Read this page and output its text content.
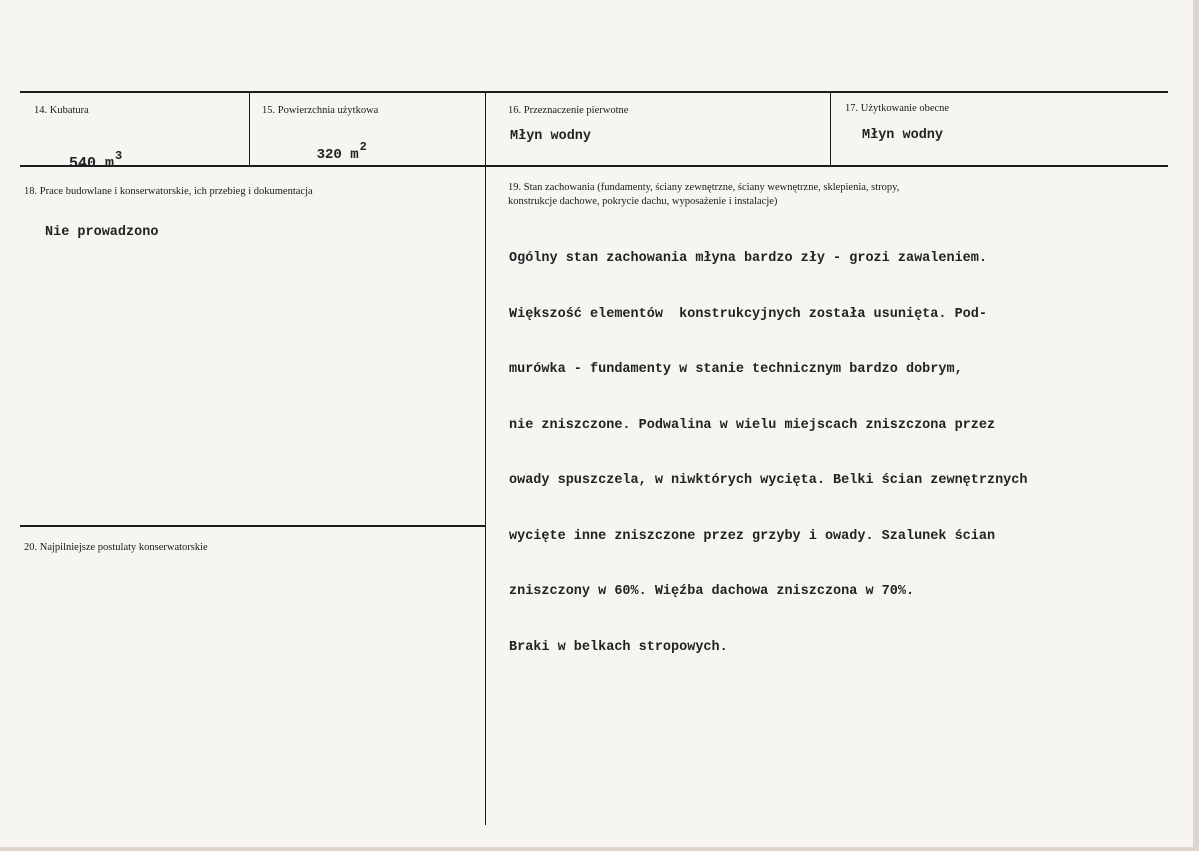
14. Kubatura

540 $m^3$

15. Powierzchnia użytkowa

320 m2

16. Przeznaczenie pierwotne
Młyn wodny
17. Użytkowanie obecne
Młyn wodny
18. Prace budowlane i konserwatorskie, ich przebieg i dokumentacja
Nie prowadzono
19. Stan zachowania (fundamenty, ściany zewnętrzne, ściany wewnętrzne, sklepienia, stropy,
konstrukcje dachowe, pokrycie dachu, wyposażenie i instalacje)

Ogólny stan zachowania młyna bardzo zły - grozi zawaleniem.

Większość elementów  konstrukcyjnych została usunięta. Pod-

murówka - fundamenty w stanie technicznym bardzo dobrym,

nie zniszczone. Podwalina w wielu miejscach zniszczona przez

owady spuszczela, w niwktórych wycięta. Belki ścian zewnętrznych

wycięte inne zniszczone przez grzyby i owady. Szalunek ścian

zniszczony w 60%. Więźba dachowa zniszczona w 70%.

Braki w belkach stropowych.

20. Najpilniejsze postulaty konserwatorskie
